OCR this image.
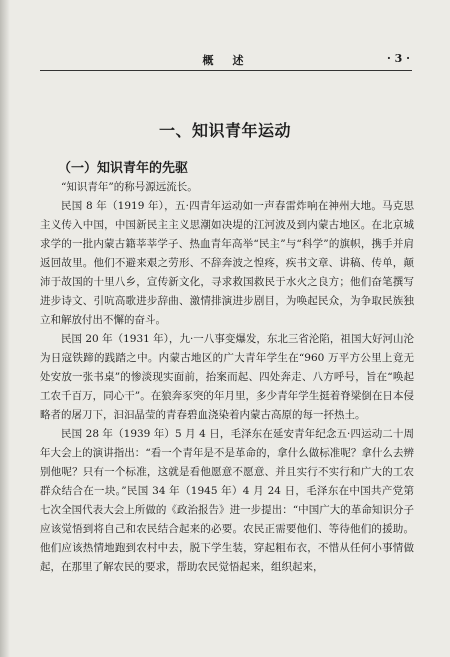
概　述	· 3 ·
一、知识青年运动
（一）知识青年的先驱

“知识青年”的称号源远流长。

民国 8 年（1919 年），五·四青年运动如一声春雷炸响在神州大地。马克思主义传入中国，中国新民主主义思潮如决堤的江河波及到内蒙古地区。在北京城求学的一批内蒙古籍莘莘学子、热血青年高举“民主”与“科学”的旗帜，携手并肩返回故里。他们不避来艰之劳形、不辞奔波之惶疼，疾书文章、讲稿、传单，颠沛于故国的十里八乡，宣传新文化，寻求救国救民于水火之良方；他们奋笔撰写进步诗文、引吭高歌进步辞曲、激情排演进步剧目，为唤起民众，为争取民族独立和解放付出不懈的奋斗。

民国 20 年（1931 年），九·一八事变爆发，东北三省沦陷，祖国大好河山沦为日寇铁蹄的践踏之中。内蒙古地区的广大青年学生在“960 万平方公里上竟无处安放一张书桌”的惨淡现实面前，抬案而起、四处奔走、八方呼号，旨在“唤起工农千百万，同心干”。在狼奔豕突的年月里，多少青年学生挺着脊梁倒在日本侵略者的屠刀下，汩汩晶莹的青春碧血浇染着内蒙古高原的每一抔热土。

民国 28 年（1939 年）5 月 4 日，毛泽东在延安青年纪念五·四运动二十周年大会上的演讲指出：“看一个青年是不是革命的，拿什么做标准呢？拿什么去辨别他呢？只有一个标准，这就是看他愿意不愿意、并且实行不实行和广大的工农群众结合在一块。”民国 34 年（1945 年）4 月 24 日，毛泽东在中国共产党第七次全国代表大会上所做的《政治报告》进一步提出：“中国广大的革命知识分子应该觉悟到将自己和农民结合起来的必要。农民正需要他们、等待他们的援助。他们应该热情地跑到农村中去，脱下学生装，穿起粗布衣，不惜从任何小事情做起，在那里了解农民的要求，帮助农民觉悟起来，组织起来，
